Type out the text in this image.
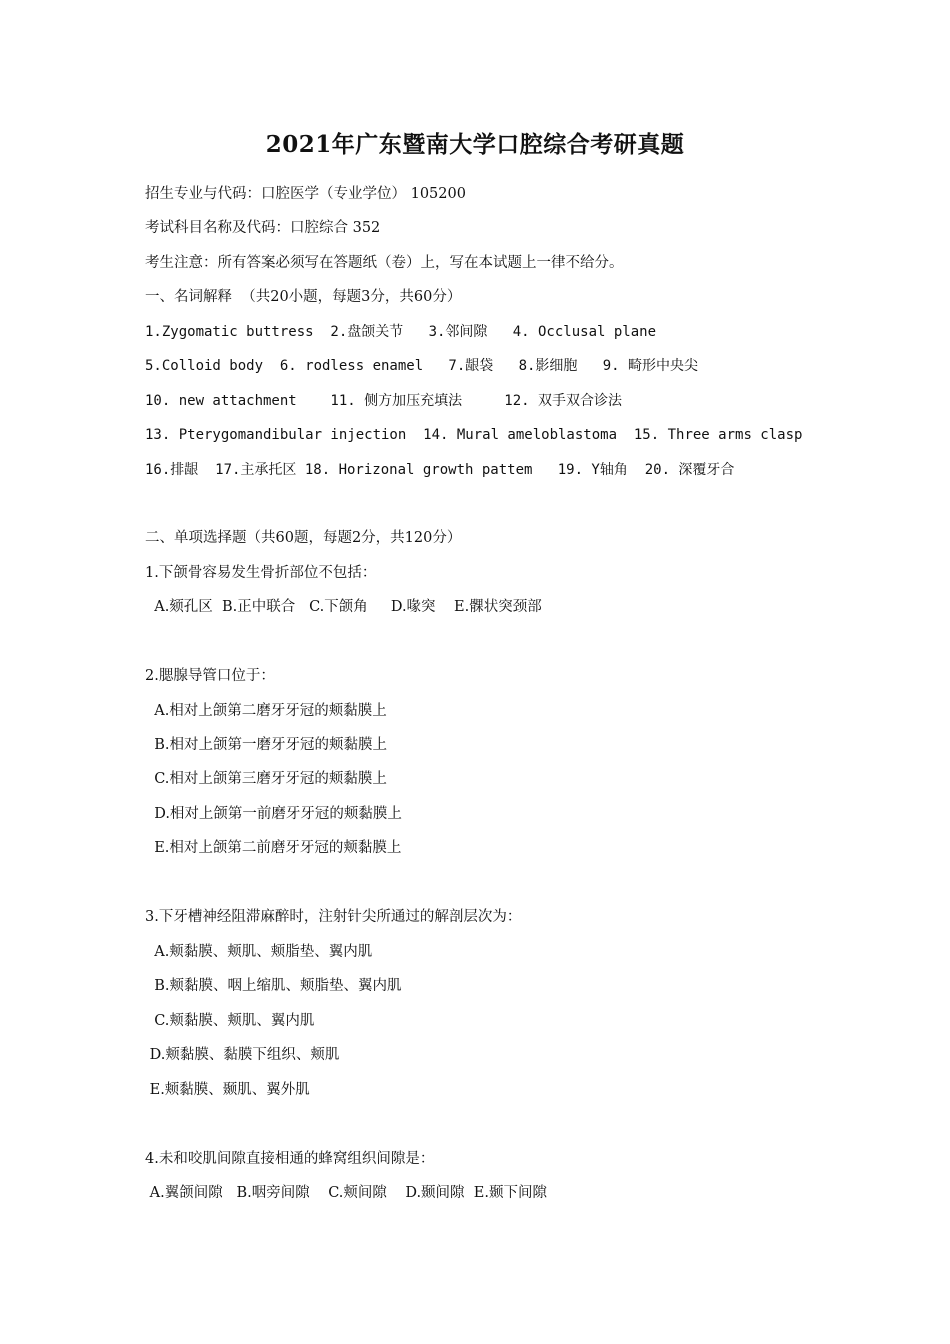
2021年广东暨南大学口腔综合考研真题
招生专业与代码：口腔医学（专业学位） 105200
考试科目名称及代码：口腔综合 352
考生注意：所有答案必须写在答题纸（卷）上，写在本试题上一律不给分。
一、名词解释  （共20小题，每题3分，共60分）
1.Zygomatic buttress  2.盘颌关节   3.邻间隙   4. Occlusal plane
5.Colloid body  6. rodless enamel   7.龈袋   8.影细胞   9. 畸形中央尖
10. new attachment    11. 侧方加压充填法     12. 双手双合诊法
13. Pterygomandibular injection  14. Mural ameloblastoma  15. Three arms clasp
16.排龈  17.主承托区 18. Horizonal growth pattem   19. Y轴角  20. 深覆牙合
二、单项选择题（共60题，每题2分，共120分）
1.下颌骨容易发生骨折部位不包括：
A.颏孔区  B.正中联合   C.下颌角     D.喙突    E.髁状突颈部
2.腮腺导管口位于：
A.相对上颌第二磨牙牙冠的颊黏膜上
B.相对上颌第一磨牙牙冠的颊黏膜上
C.相对上颌第三磨牙牙冠的颊黏膜上
D.相对上颌第一前磨牙牙冠的颊黏膜上
E.相对上颌第二前磨牙牙冠的颊黏膜上
3.下牙槽神经阻滞麻醉时，注射针尖所通过的解剖层次为：
A.颊黏膜、颊肌、颊脂垫、翼内肌
B.颊黏膜、咽上缩肌、颊脂垫、翼内肌
C.颊黏膜、颊肌、翼内肌
D.颊黏膜、黏膜下组织、颊肌
E.颊黏膜、颞肌、翼外肌
4.未和咬肌间隙直接相通的蜂窝组织间隙是：
A.翼颌间隙   B.咽旁间隙    C.颊间隙    D.颞间隙  E.颞下间隙
